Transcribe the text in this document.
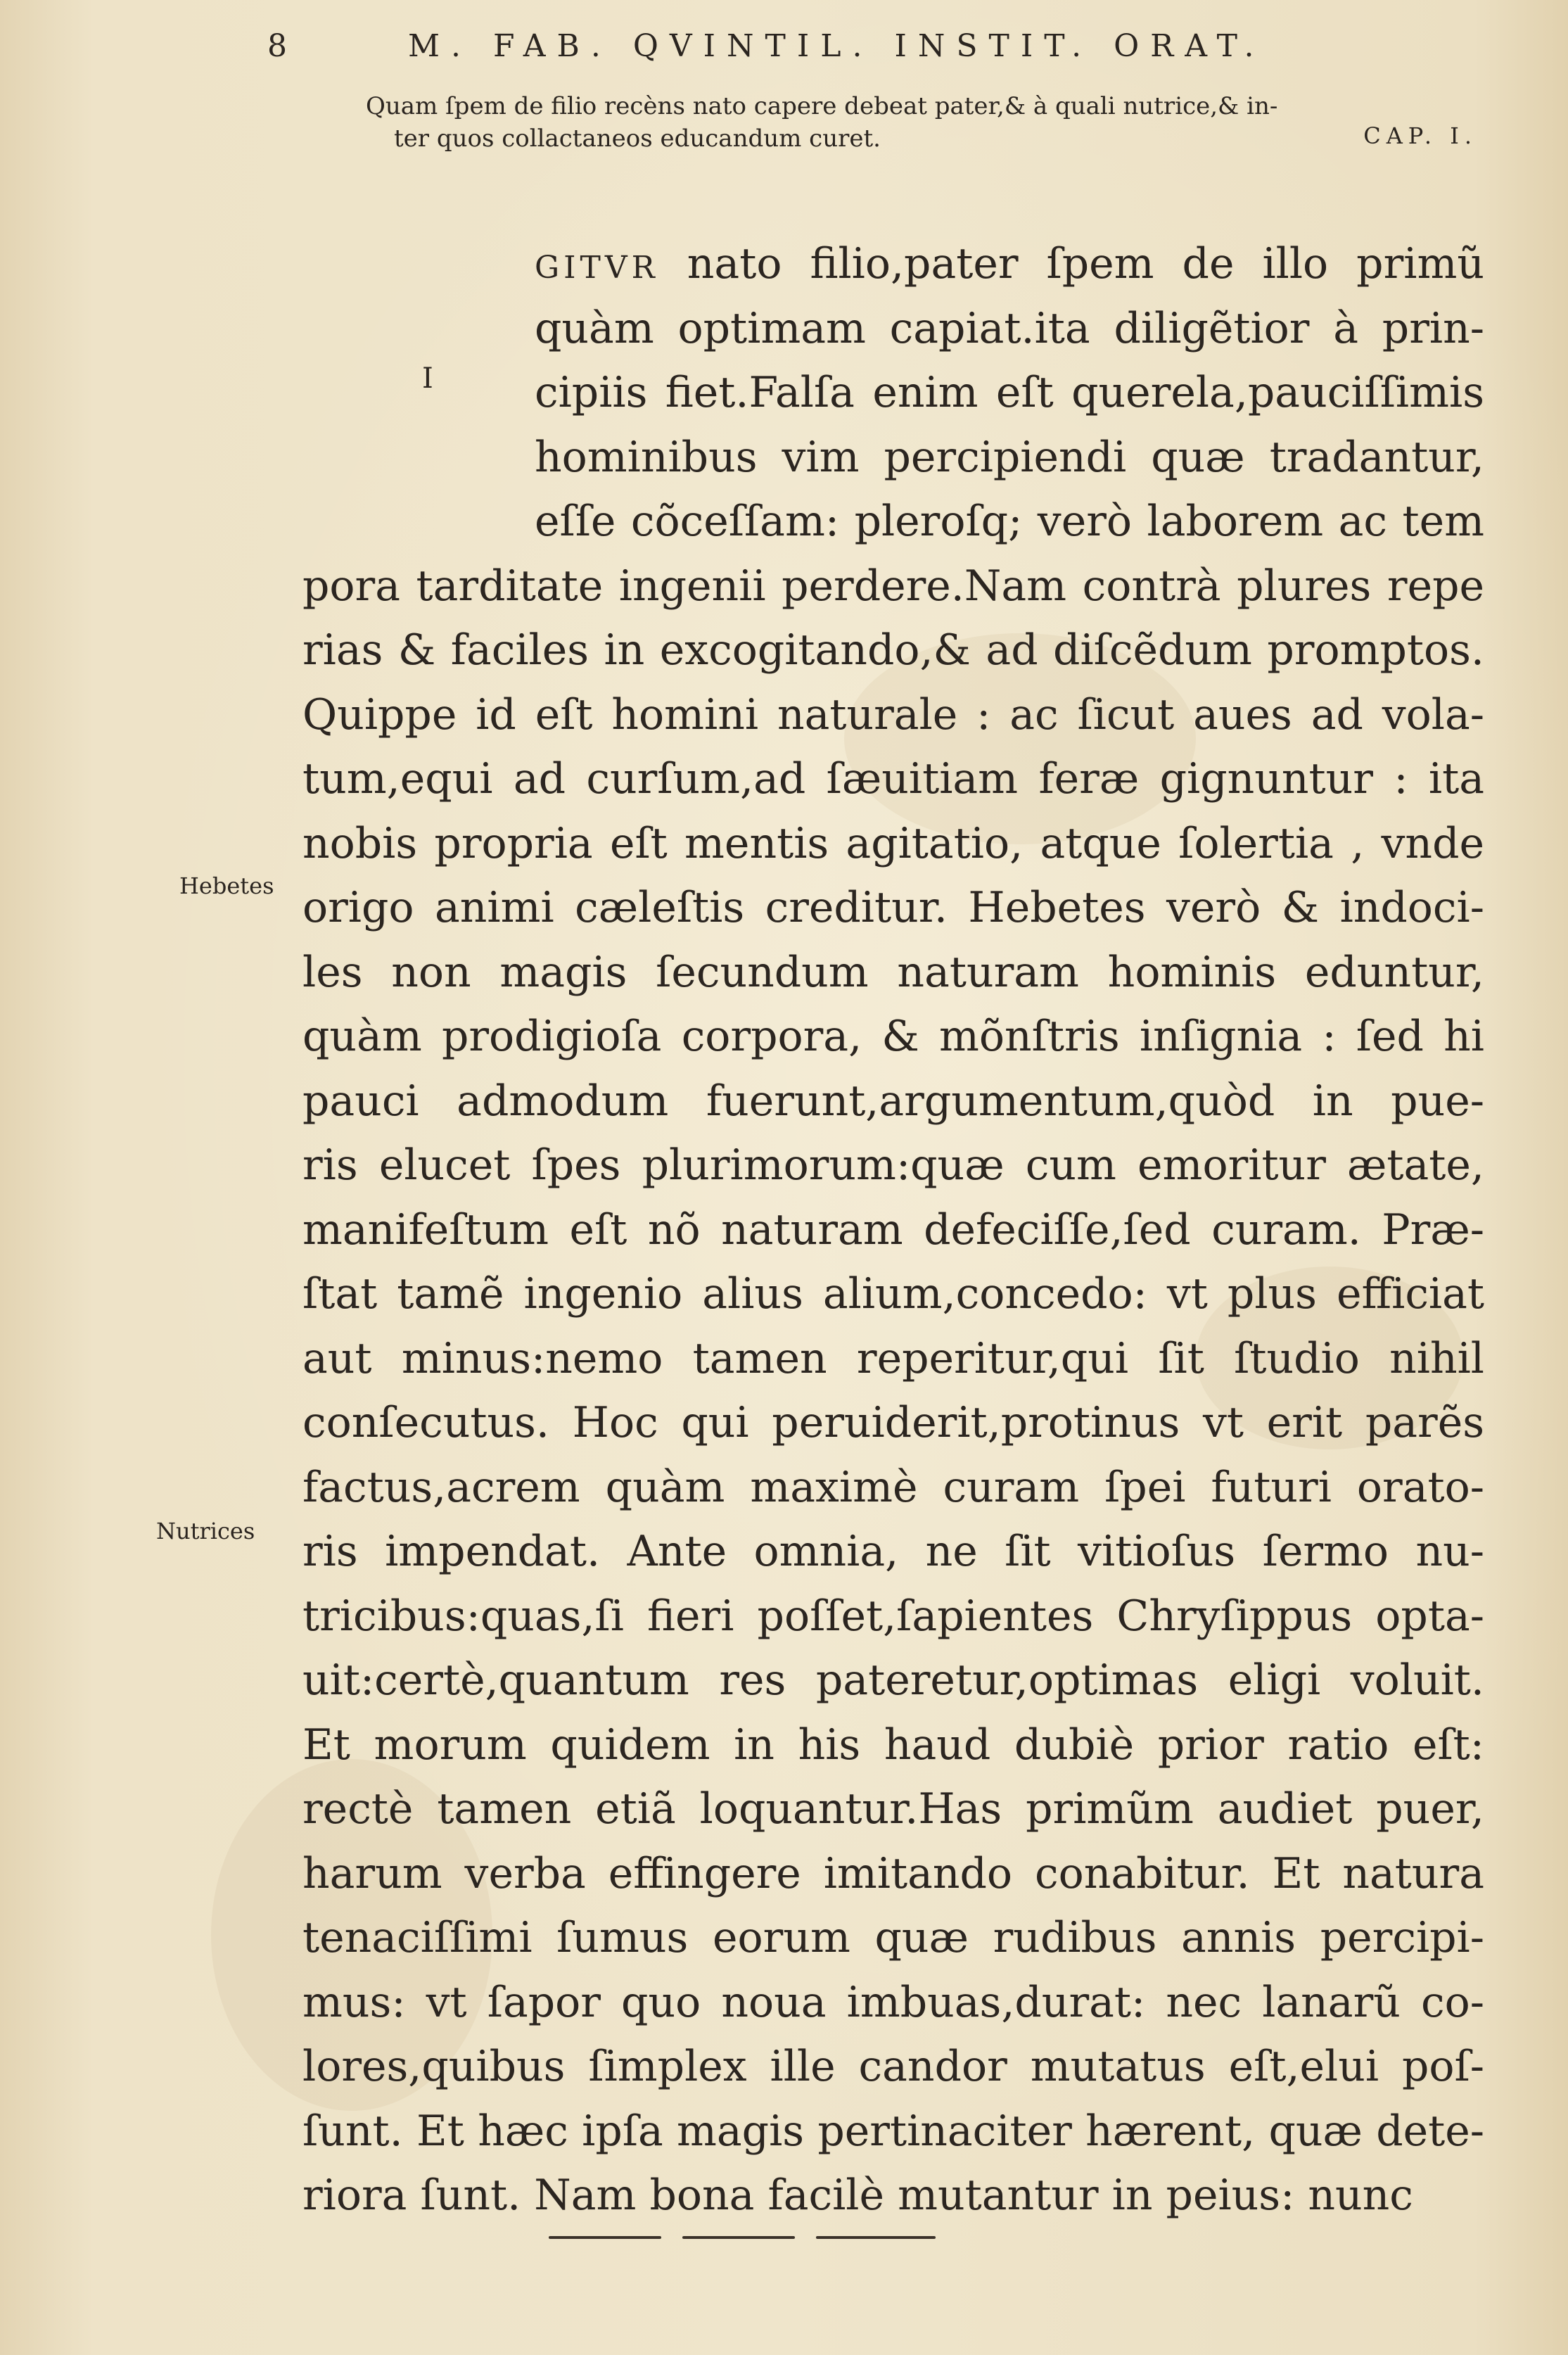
8	M. FAB. QVINTIL. INSTIT. ORAT.
Quam ſpem de filio recèns nato capere debeat pater,& à quali nutrice,& in-
ter quos collactaneos educandum curet.	CAP. I.
I
Hebetes
Nutrices
GITVR nato filio,pater ſpem de illo primũ
quàm optimam capiat.ita diligẽtior à prin-
cipiis fiet.Falſa enim eſt querela,pauciſſimis
hominibus vim percipiendi quæ tradantur,
eſſe cõceſſam: pleroſq; verò laborem ac tem
pora tarditate ingenii perdere.Nam contrà plures repe
rias & faciles in excogitando,& ad diſcẽdum promptos.
Quippe id eſt homini naturale : ac ſicut aues ad vola-
tum,equi ad curſum,ad ſæuitiam feræ gignuntur : ita
nobis propria eſt mentis agitatio, atque ſolertia , vnde
origo animi cæleſtis creditur. Hebetes verò & indoci-
les non magis ſecundum naturam hominis eduntur,
quàm prodigioſa corpora, & mõnſtris inſignia : ſed hi
pauci admodum fuerunt,argumentum,quòd in pue-
ris elucet ſpes plurimorum:quæ cum emoritur ætate,
manifeſtum eſt nõ naturam defeciſſe,ſed curam. Præ-
ſtat tamẽ ingenio alius alium,concedo: vt plus efficiat
aut minus:nemo tamen reperitur,qui ſit ſtudio nihil
conſecutus. Hoc qui peruiderit,protinus vt erit parẽs
factus,acrem quàm maximè curam ſpei futuri orato-
ris impendat. Ante omnia, ne ſit vitioſus ſermo nu-
tricibus:quas,ſi fieri poſſet,ſapientes Chryſippus opta-
uit:certè,quantum res pateretur,optimas eligi voluit.
Et morum quidem in his haud dubiè prior ratio eſt:
rectè tamen etiã loquantur.Has primũm audiet puer,
harum verba effingere imitando conabitur. Et natura
tenaciſſimi ſumus eorum quæ rudibus annis percipi-
mus: vt ſapor quo noua imbuas,durat: nec lanarũ co-
lores,quibus ſimplex ille candor mutatus eſt,elui poſ-
ſunt. Et hæc ipſa magis pertinaciter hærent, quæ dete-
riora ſunt. Nam bona facilè mutantur in peius: nunc
